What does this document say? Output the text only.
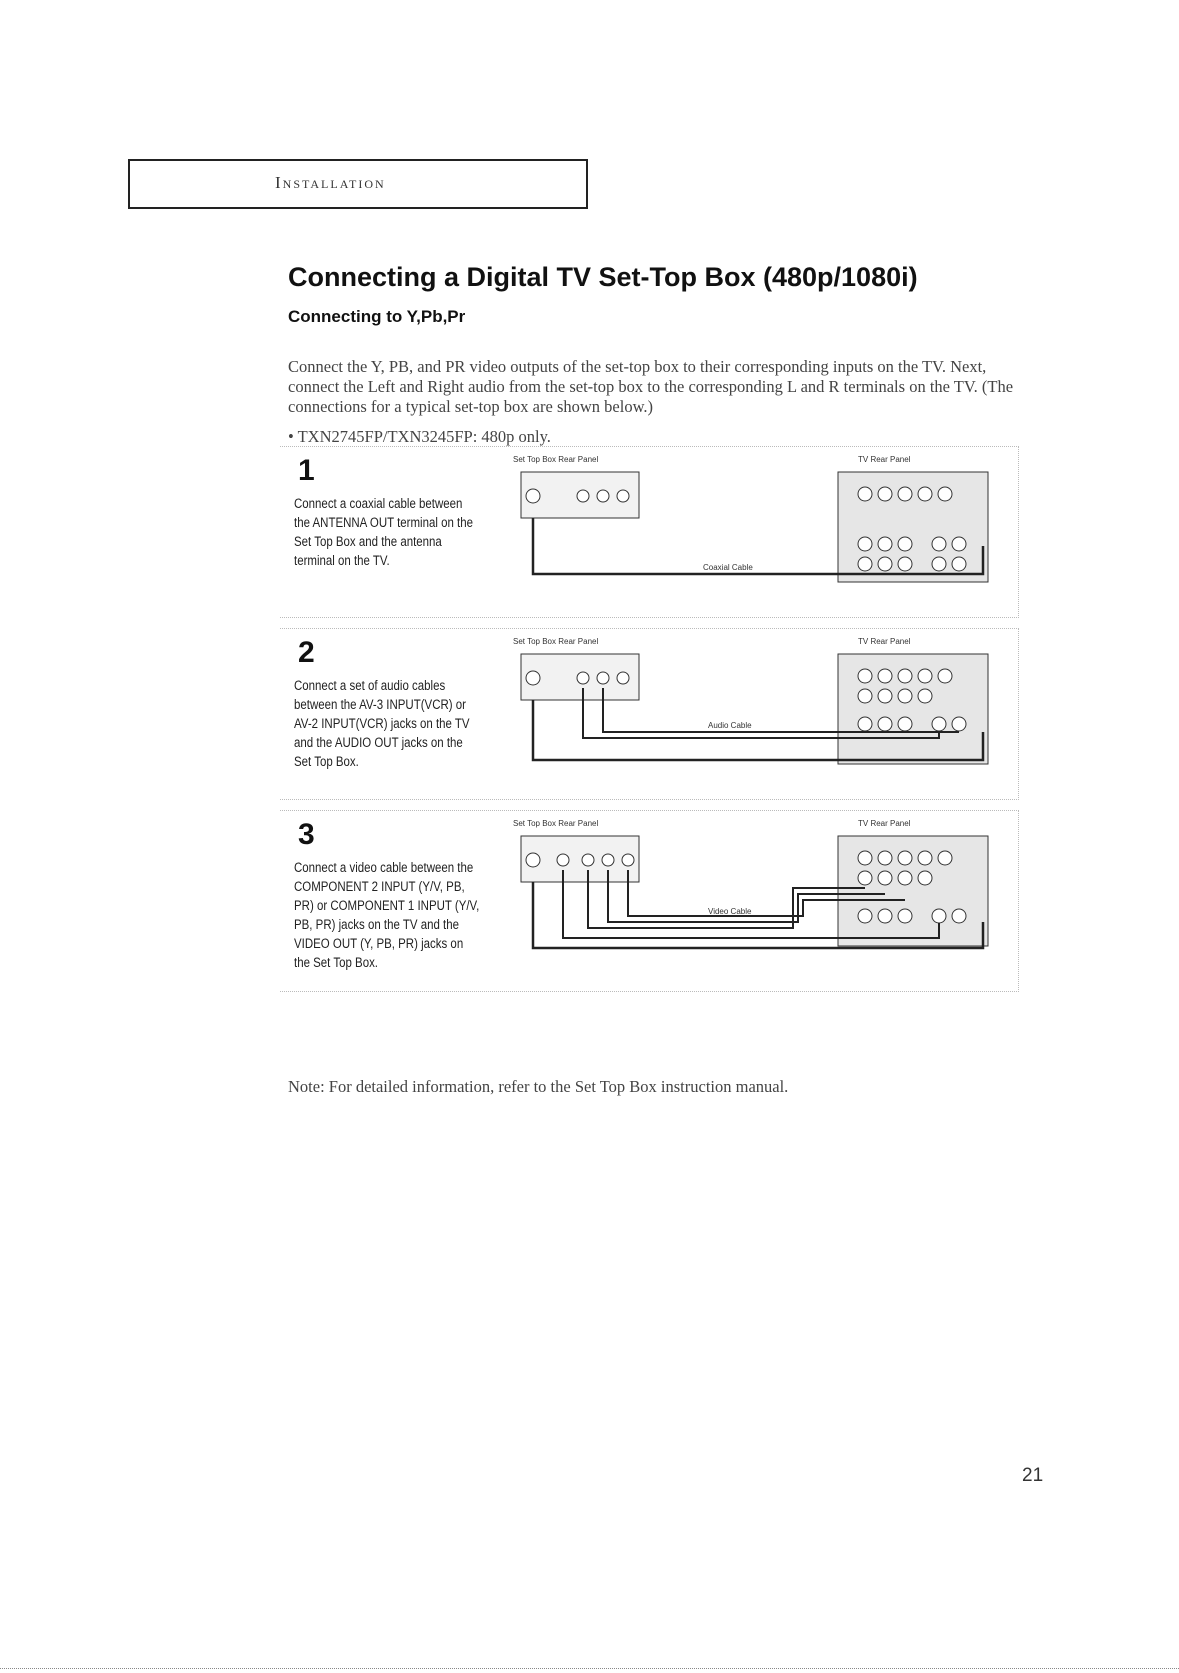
Installation
Connecting a Digital TV Set-Top Box (480p/1080i)
Connecting to Y,Pb,Pr

Connect the Y, PB, and PR video outputs of the set-top box to their corresponding inputs on the TV. Next, connect the Left and Right audio from the set-top box to the corresponding L and R terminals on the TV. (The connections for a typical set-top box are shown below.)

• TXN2745FP/TXN3245FP: 480p only.

1
Connect a coaxial cable between the ANTENNA OUT terminal on the Set Top Box and the antenna terminal on the TV.
Set Top Box Rear Panel	TV Rear Panel
Coaxial Cable
2
Connect a set of audio cables between the AV-3 INPUT(VCR) or AV-2 INPUT(VCR) jacks on the TV and the AUDIO OUT jacks on the Set Top Box.
Set Top Box Rear Panel	TV Rear Panel
Audio Cable
3
Connect a video cable between the COMPONENT 2 INPUT (Y/V, PB, PR) or COMPONENT 1 INPUT (Y/V, PB, PR) jacks on the TV and the VIDEO OUT (Y, PB, PR) jacks on the Set Top Box.
Set Top Box Rear Panel	TV Rear Panel
Video Cable

Note: For detailed information, refer to the Set Top Box instruction manual.

21
